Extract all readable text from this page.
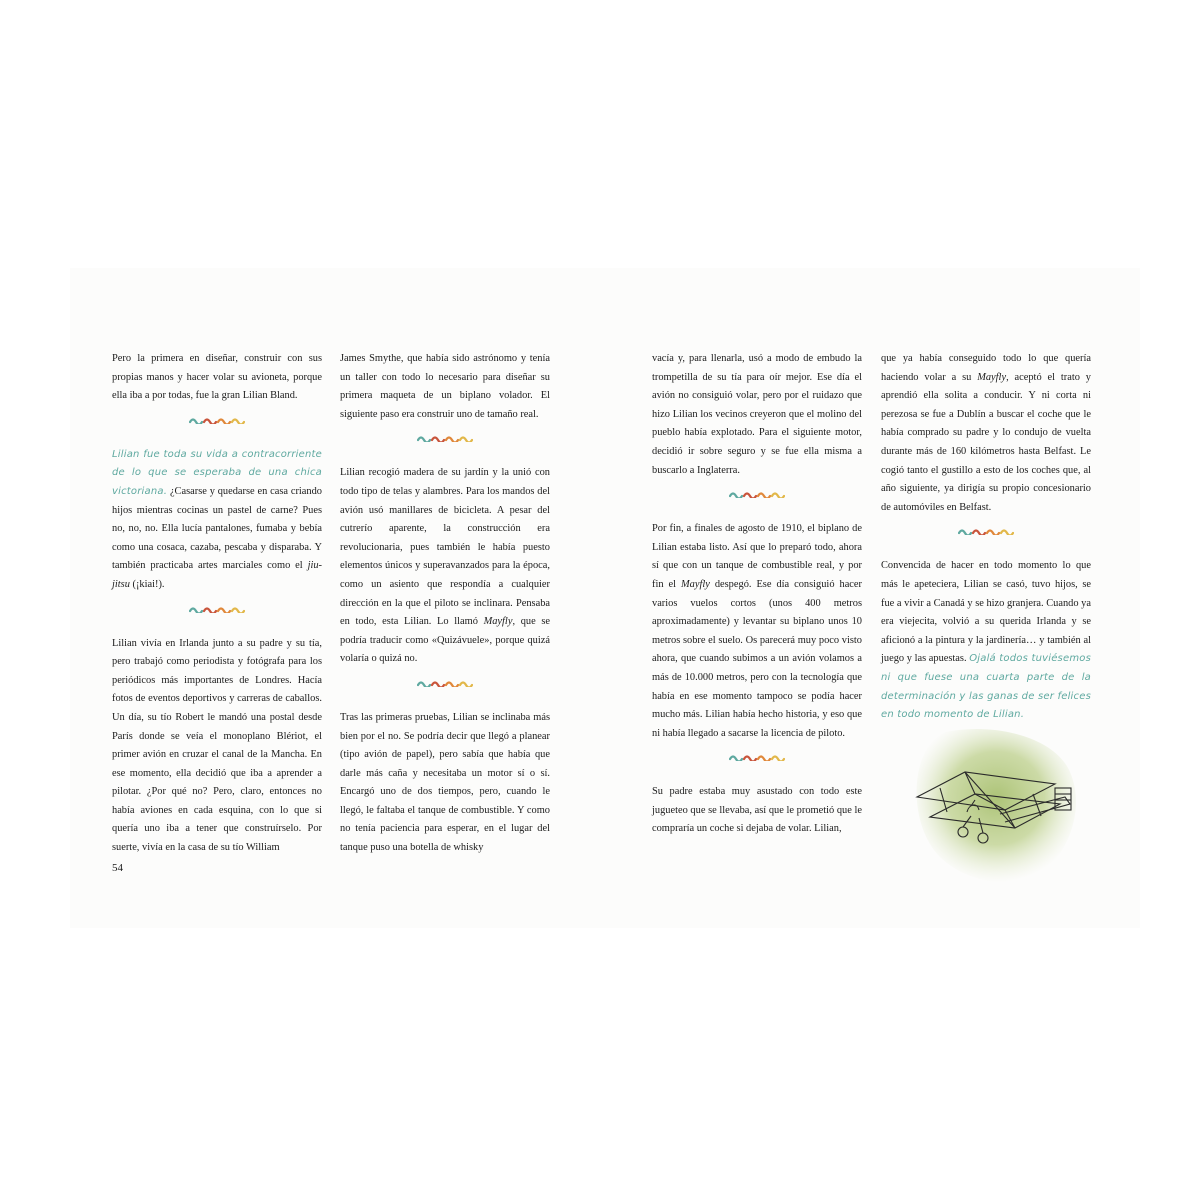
Pero la primera en diseñar, construir con sus propias manos y hacer volar su avioneta, porque ella iba a por todas, fue la gran Lilian Bland.

Lilian fue toda su vida a contracorriente de lo que se esperaba de una chica victoriana. ¿Casarse y quedarse en casa criando hijos mientras cocinas un pastel de carne? Pues no, no, no. Ella lucía pantalones, fumaba y bebía como una cosaca, cazaba, pescaba y disparaba. Y también practicaba artes marciales como el jiu-jitsu (¡kiai!).

Lilian vivía en Irlanda junto a su padre y su tía, pero trabajó como periodista y fotógrafa para los periódicos más importantes de Londres. Hacía fotos de eventos deportivos y carreras de caballos. Un día, su tío Robert le mandó una postal desde París donde se veía el monoplano Blériot, el primer avión en cruzar el canal de la Mancha. En ese momento, ella decidió que iba a aprender a pilotar. ¿Por qué no? Pero, claro, entonces no había aviones en cada esquina, con lo que si quería uno iba a tener que construírselo. Por suerte, vivía en la casa de su tío William

James Smythe, que había sido astrónomo y tenía un taller con todo lo necesario para diseñar su primera maqueta de un biplano volador. El siguiente paso era construir uno de tamaño real.

Lilian recogió madera de su jardín y la unió con todo tipo de telas y alambres. Para los mandos del avión usó manillares de bicicleta. A pesar del cutrerío aparente, la construcción era revolucionaria, pues también le había puesto elementos únicos y superavanzados para la época, como un asiento que respondía a cualquier dirección en la que el piloto se inclinara. Pensaba en todo, esta Lilian. Lo llamó Mayfly, que se podría traducir como «Quizávuele», porque quizá volaría o quizá no.

Tras las primeras pruebas, Lilian se inclinaba más bien por el no. Se podría decir que llegó a planear (tipo avión de papel), pero sabía que había que darle más caña y necesitaba un motor sí o sí. Encargó uno de dos tiempos, pero, cuando le llegó, le faltaba el tanque de combustible. Y como no tenía paciencia para esperar, en el lugar del tanque puso una botella de whisky

vacía y, para llenarla, usó a modo de embudo la trompetilla de su tía para oír mejor. Ese día el avión no consiguió volar, pero por el ruidazo que hizo Lilian los vecinos creyeron que el molino del pueblo había explotado. Para el siguiente motor, decidió ir sobre seguro y se fue ella misma a buscarlo a Inglaterra.

Por fin, a finales de agosto de 1910, el biplano de Lilian estaba listo. Así que lo preparó todo, ahora sí que con un tanque de combustible real, y por fin el Mayfly despegó. Ese día consiguió hacer varios vuelos cortos (unos 400 metros aproximadamente) y levantar su biplano unos 10 metros sobre el suelo. Os parecerá muy poco visto ahora, que cuando subimos a un avión volamos a más de 10.000 metros, pero con la tecnología que había en ese momento tampoco se podía hacer mucho más. Lilian había hecho historia, y eso que ni había llegado a sacarse la licencia de piloto.

Su padre estaba muy asustado con todo este jugueteo que se llevaba, así que le prometió que le compraría un coche si dejaba de volar. Lilian,

que ya había conseguido todo lo que quería haciendo volar a su Mayfly, aceptó el trato y aprendió ella solita a conducir. Y ni corta ni perezosa se fue a Dublín a buscar el coche que le había comprado su padre y lo condujo de vuelta durante más de 160 kilómetros hasta Belfast. Le cogió tanto el gustillo a esto de los coches que, al año siguiente, ya dirigía su propio concesionario de automóviles en Belfast.

Convencida de hacer en todo momento lo que más le apeteciera, Lilian se casó, tuvo hijos, se fue a vivir a Canadá y se hizo granjera. Cuando ya era viejecita, volvió a su querida Irlanda y se aficionó a la pintura y la jardinería… y también al juego y las apuestas. Ojalá todos tuviésemos ni que fuese una cuarta parte de la determinación y las ganas de ser felices en todo momento de Lilian.

54
